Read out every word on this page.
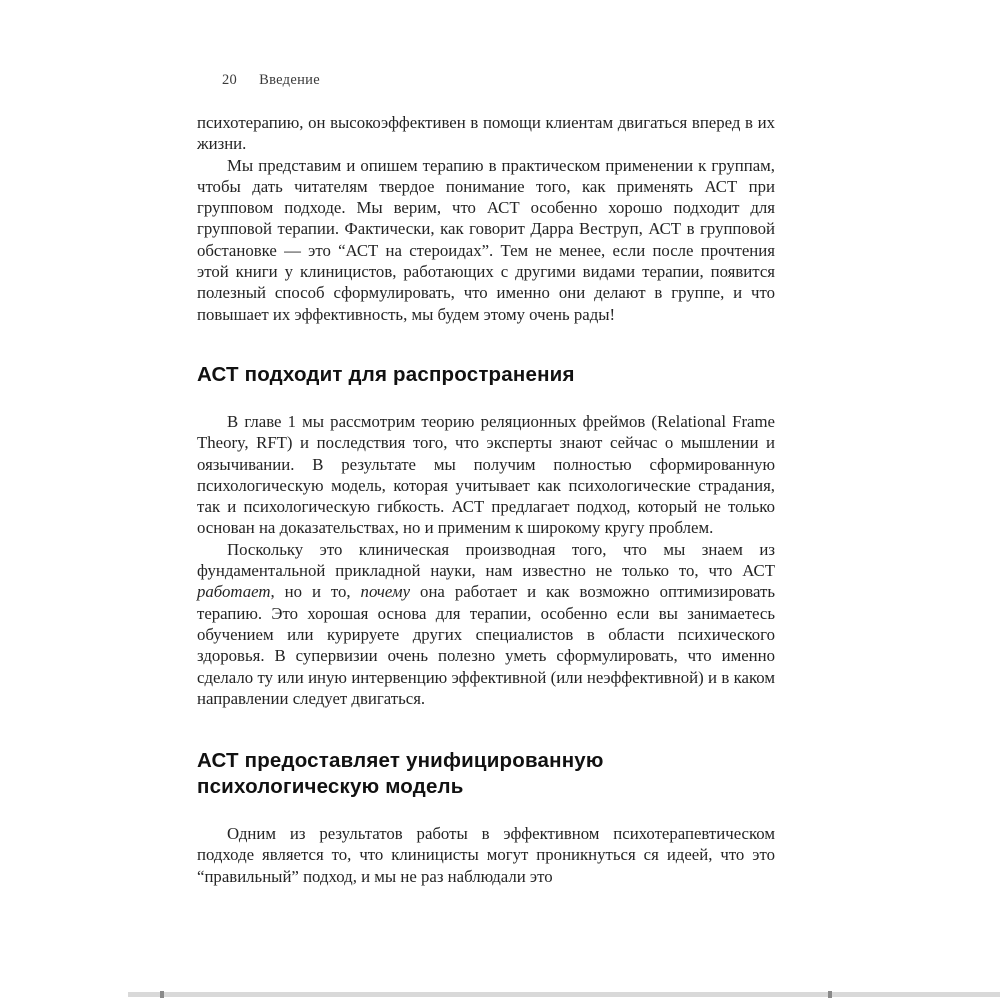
20 Введение

психотерапию, он высокоэффективен в помощи клиентам двигаться вперед в их жизни.

Мы представим и опишем терапию в практическом применении к группам, чтобы дать читателям твердое понимание того, как применять АСТ при групповом подходе. Мы верим, что АСТ особенно хорошо подходит для групповой терапии. Фактически, как говорит Дарра Веструп, АСТ в групповой обстановке — это “АСТ на стероидах”. Тем не менее, если после прочтения этой книги у клиницистов, работающих с другими видами терапии, появится полезный способ сформулировать, что именно они делают в группе, и что повышает их эффективность, мы будем этому очень рады!

АСТ подходит для распространения

В главе 1 мы рассмотрим теорию реляционных фреймов (Relational Frame Theory, RFT) и последствия того, что эксперты знают сейчас о мышлении и оязычивании. В результате мы получим полностью сформированную психологическую модель, которая учитывает как психологические страдания, так и психологическую гибкость. АСТ предлагает подход, который не только основан на доказательствах, но и применим к широкому кругу проблем.

Поскольку это клиническая производная того, что мы знаем из фундаментальной прикладной науки, нам известно не только то, что АСТ работает, но и то, почему она работает и как возможно оптимизировать терапию. Это хорошая основа для терапии, особенно если вы занимаетесь обучением или курируете других специалистов в области психического здоровья. В супервизии очень полезно уметь сформулировать, что именно сделало ту или иную интервенцию эффективной (или неэффективной) и в каком направлении следует двигаться.

АСТ предоставляет унифицированную
психологическую модель

Одним из результатов работы в эффективном психотерапевтическом подходе является то, что клиницисты могут проникнуться ся идеей, что это “правильный” подход, и мы не раз наблюдали это
